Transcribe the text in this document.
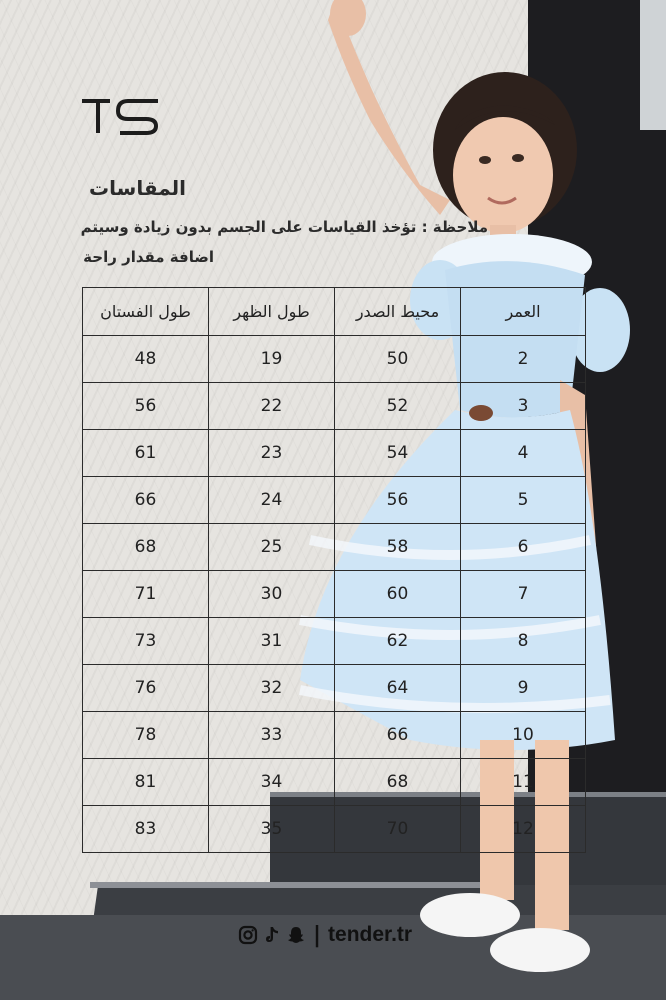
المقاسات
ملاحظة : تؤخذ القياسات على الجسم بدون زيادة وسيتم
اضافة مقدار راحة
العمر	محيط الصدر	طول الظهر	طول الفستان
2	50	19	48
3	52	22	56
4	54	23	61
5	56	24	66
6	58	25	68
7	60	30	71
8	62	31	73
9	64	32	76
10	66	33	78
11	68	34	81
12	70	35	83
| tender.tr
